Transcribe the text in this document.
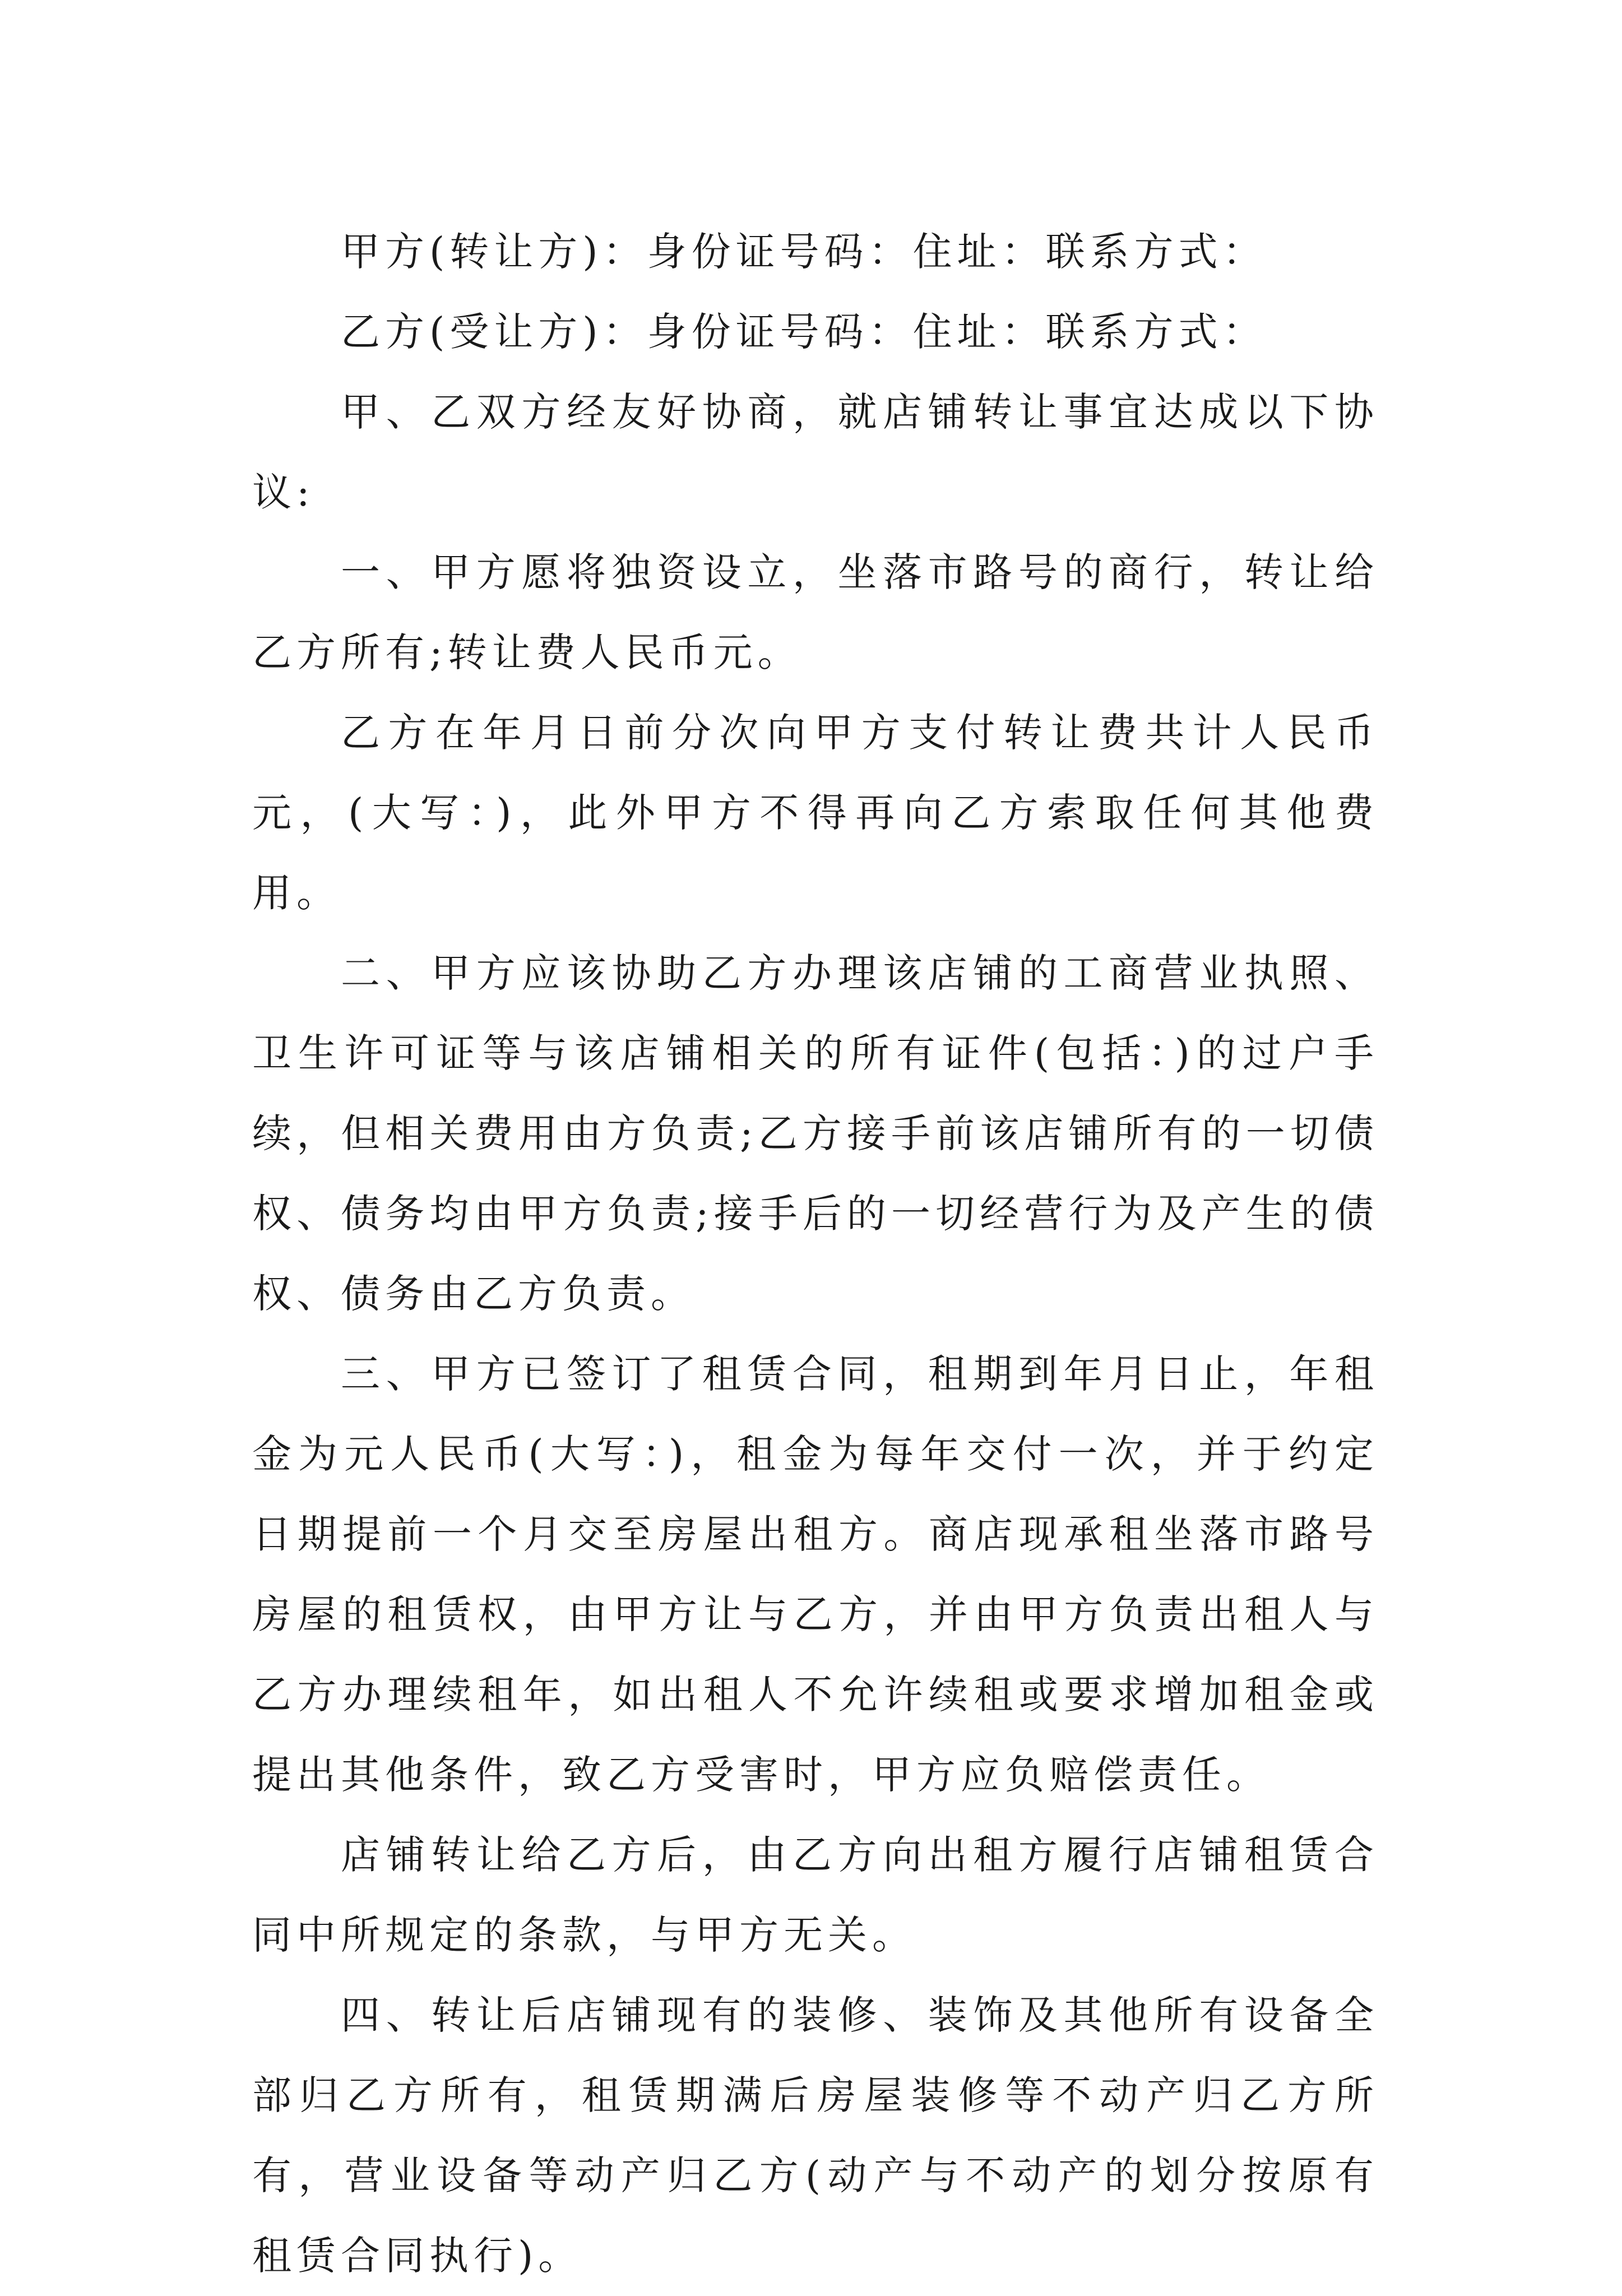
甲方(转让方)：身份证号码：住址：联系方式：

乙方(受让方)：身份证号码：住址：联系方式：

甲、乙双方经友好协商，就店铺转让事宜达成以下协议:

一、甲方愿将独资设立，坐落市路号的商行，转让给乙方所有;转让费人民币元。

乙方在年月日前分次向甲方支付转让费共计人民币元，(大写：)，此外甲方不得再向乙方索取任何其他费用。

二、甲方应该协助乙方办理该店铺的工商营业执照、卫生许可证等与该店铺相关的所有证件(包括：)的过户手续，但相关费用由方负责;乙方接手前该店铺所有的一切债权、债务均由甲方负责;接手后的一切经营行为及产生的债权、债务由乙方负责。

三、甲方已签订了租赁合同，租期到年月日止，年租金为元人民币(大写：)，租金为每年交付一次，并于约定日期提前一个月交至房屋出租方。商店现承租坐落市路号房屋的租赁权，由甲方让与乙方，并由甲方负责出租人与乙方办理续租年，如出租人不允许续租或要求增加租金或提出其他条件，致乙方受害时，甲方应负赔偿责任。

店铺转让给乙方后，由乙方向出租方履行店铺租赁合同中所规定的条款，与甲方无关。

四、转让后店铺现有的装修、装饰及其他所有设备全部归乙方所有，租赁期满后房屋装修等不动产归乙方所有，营业设备等动产归乙方(动产与不动产的划分按原有租赁合同执行)。
